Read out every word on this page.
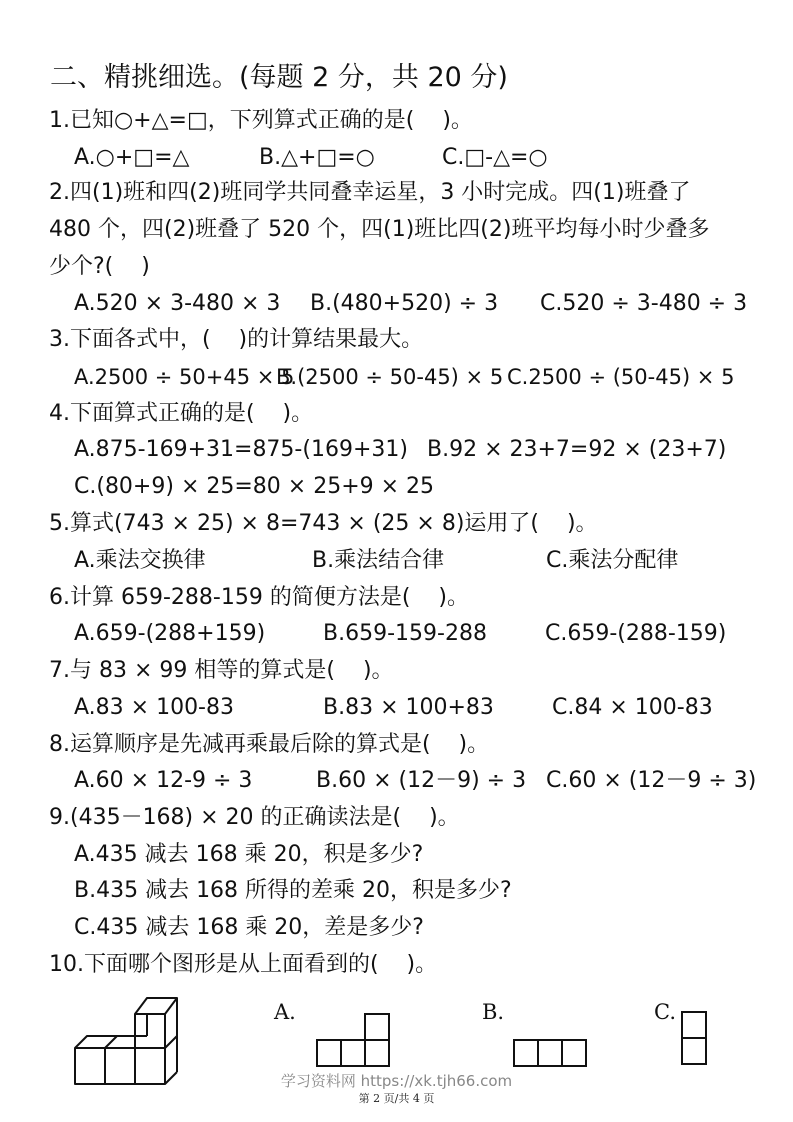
二、精挑细选。(每题 2 分，共 20 分)
1.已知○+△=□，下列算式正确的是(    )。
A.○+□=△	B.△+□=○	C.□-△=○
2.四(1)班和四(2)班同学共同叠幸运星，3 小时完成。四(1)班叠了
480 个，四(2)班叠了 520 个，四(1)班比四(2)班平均每小时少叠多
少个?(    )
A.520 × 3-480 × 3 B.(480+520) ÷ 3 C.520 ÷ 3-480 ÷ 3
3.下面各式中，(    )的计算结果最大。
A.2500 ÷ 50+45 × 5
B.(2500 ÷ 50-45) × 5 C.2500 ÷ (50-45) × 5
4.下面算式正确的是(    )。
A.875-169+31=875-(169+31) B.92 × 23+7=92 × (23+7)
C.(80+9) × 25=80 × 25+9 × 25
5.算式(743 × 25) × 8=743 × (25 × 8)运用了(    )。
A.乘法交换律	B.乘法结合律	C.乘法分配律
6.计算 659-288-159 的简便方法是(    )。
A.659-(288+159)	B.659-159-288	C.659-(288-159)
7.与 83 × 99 相等的算式是(    )。
A.83 × 100-83	B.83 × 100+83	C.84 × 100-83
8.运算顺序是先减再乘最后除的算式是(    )。
A.60 × 12-9 ÷ 3	B.60 × (12－9) ÷ 3 C.60 × (12－9 ÷ 3)
9.(435－168) × 20 的正确读法是(    )。
A.435 减去 168 乘 20，积是多少?
B.435 减去 168 所得的差乘 20，积是多少?
C.435 减去 168 乘 20，差是多少?
10.下面哪个图形是从上面看到的(    )。
A.	B.	C.
学习资料网 https://xk.tjh66.com
第 2 页/共 4 页
